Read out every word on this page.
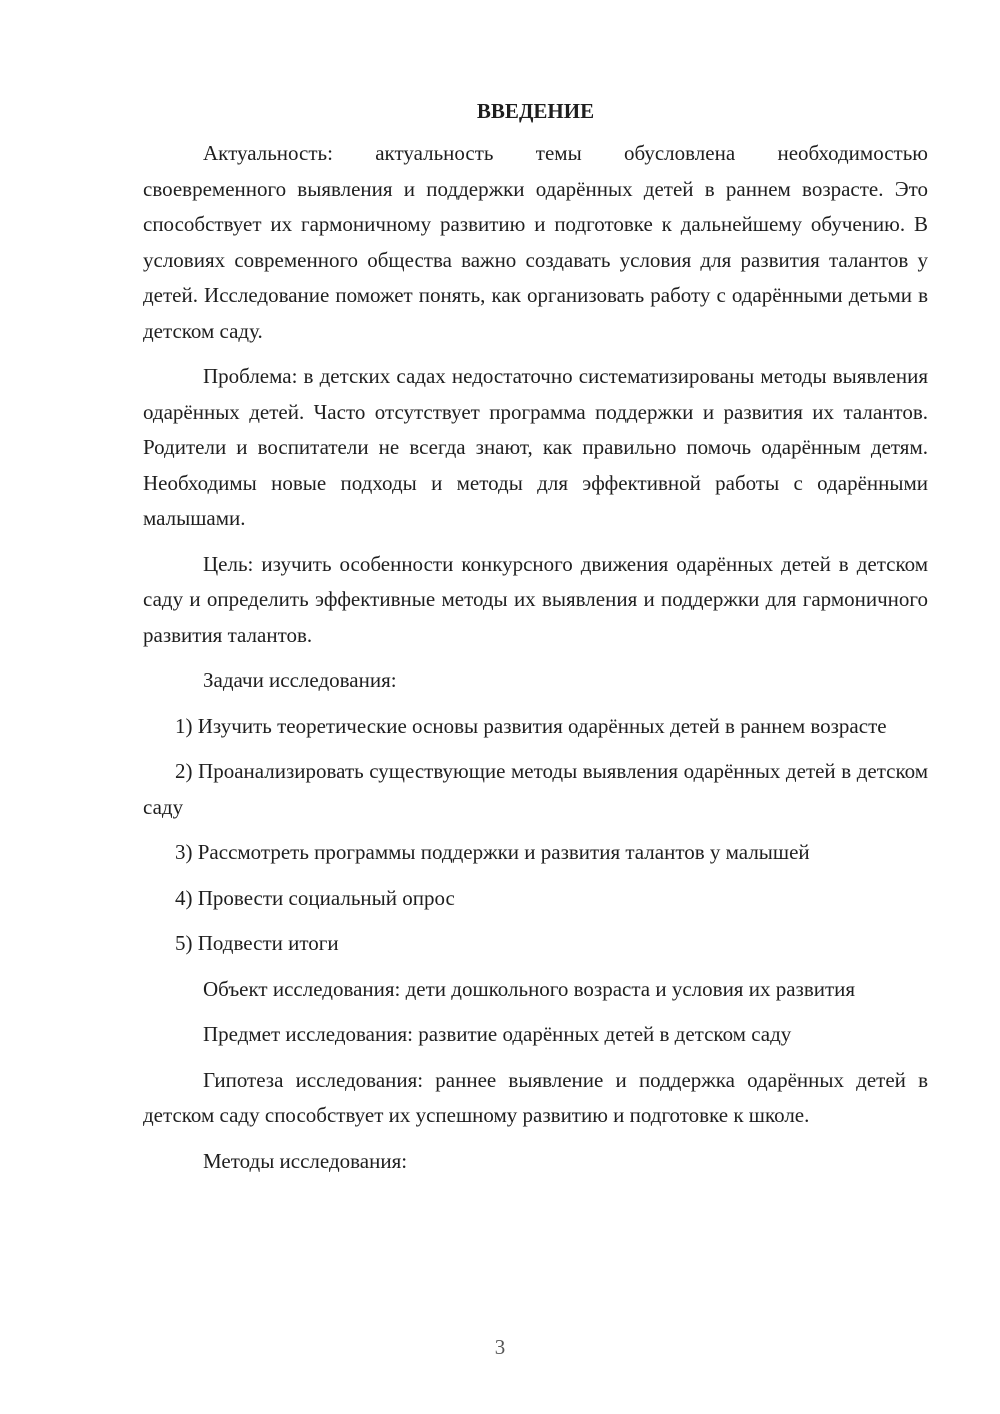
ВВЕДЕНИЕ

Актуальность: актуальность темы обусловлена необходимостью своевременного выявления и поддержки одарённых детей в раннем возрасте. Это способствует их гармоничному развитию и подготовке к дальнейшему обучению. В условиях современного общества важно создавать условия для развития талантов у детей. Исследование поможет понять, как организовать работу с одарёнными детьми в детском саду.

Проблема: в детских садах недостаточно систематизированы методы выявления одарённых детей. Часто отсутствует программа поддержки и развития их талантов. Родители и воспитатели не всегда знают, как правильно помочь одарённым детям. Необходимы новые подходы и методы для эффективной работы с одарёнными малышами.

Цель: изучить особенности конкурсного движения одарённых детей в детском саду и определить эффективные методы их выявления и поддержки для гармоничного развития талантов.

Задачи исследования:

1) Изучить теоретические основы развития одарённых детей в раннем возрасте

2) Проанализировать существующие методы выявления одарённых детей в детском саду

3) Рассмотреть программы поддержки и развития талантов у малышей

4) Провести социальный опрос

5) Подвести итоги

Объект исследования: дети дошкольного возраста и условия их развития

Предмет исследования: развитие одарённых детей в детском саду

Гипотеза исследования: раннее выявление и поддержка одарённых детей в детском саду способствует их успешному развитию и подготовке к школе.

Методы исследования:

3
